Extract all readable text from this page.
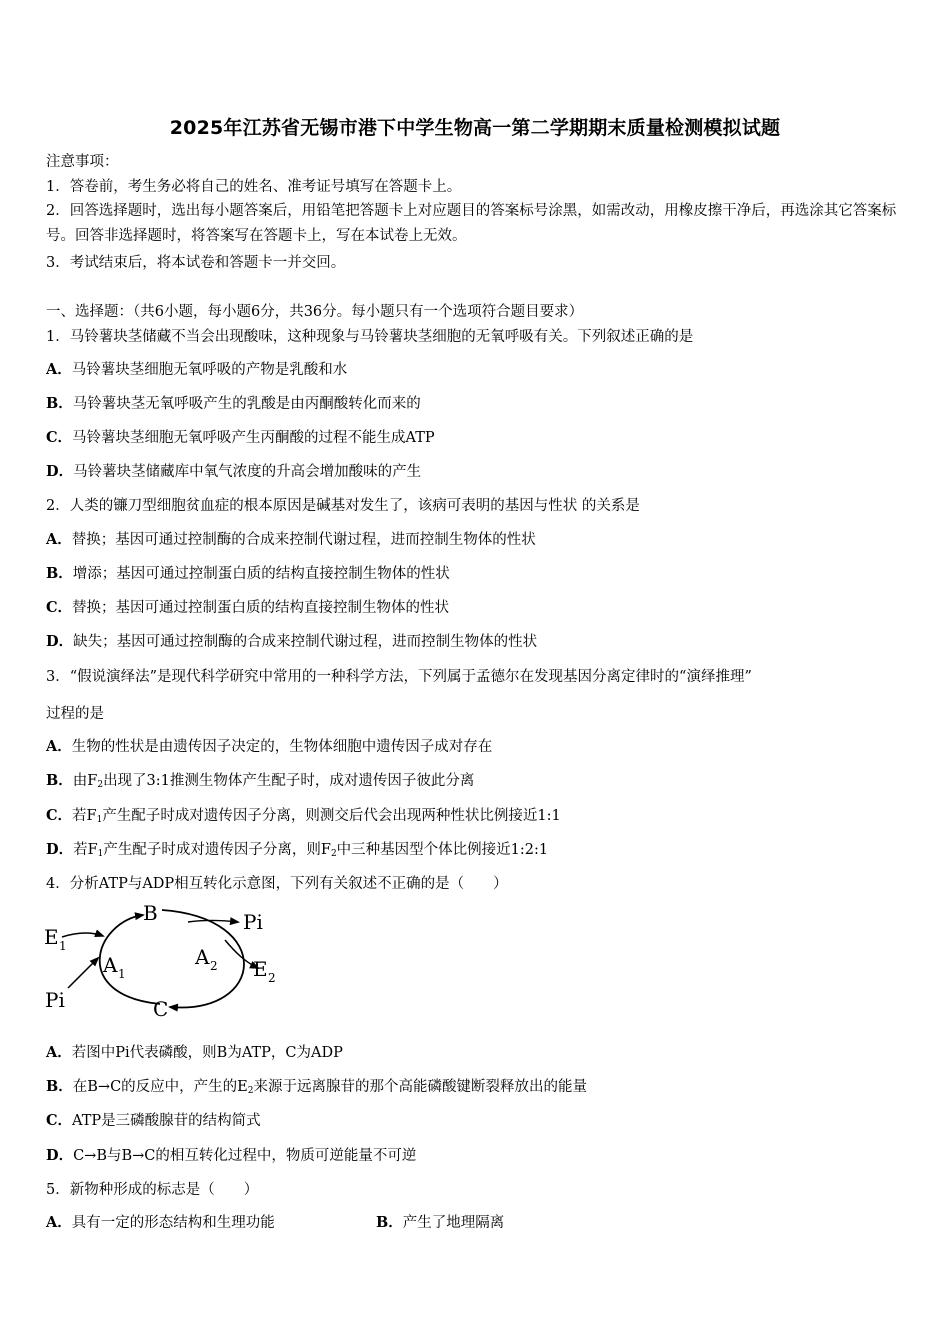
2025年江苏省无锡市港下中学生物高一第二学期期末质量检测模拟试题
注意事项：
1．答卷前，考生务必将自己的姓名、准考证号填写在答题卡上。
2．回答选择题时，选出每小题答案后，用铅笔把答题卡上对应题目的答案标号涂黑，如需改动，用橡皮擦干净后，再选涂其它答案标号。回答非选择题时，将答案写在答题卡上，写在本试卷上无效。
3．考试结束后，将本试卷和答题卡一并交回。
一、选择题：（共6小题，每小题6分，共36分。每小题只有一个选项符合题目要求）
1．马铃薯块茎储藏不当会出现酸味，这种现象与马铃薯块茎细胞的无氧呼吸有关。下列叙述正确的是
A．马铃薯块茎细胞无氧呼吸的产物是乳酸和水
B．马铃薯块茎无氧呼吸产生的乳酸是由丙酮酸转化而来的
C．马铃薯块茎细胞无氧呼吸产生丙酮酸的过程不能生成ATP
D．马铃薯块茎储藏库中氧气浓度的升高会增加酸味的产生
2．人类的镰刀型细胞贫血症的根本原因是碱基对发生了，该病可表明的基因与性状 的关系是
A．替换；基因可通过控制酶的合成来控制代谢过程，进而控制生物体的性状
B．增添；基因可通过控制蛋白质的结构直接控制生物体的性状
C．替换；基因可通过控制蛋白质的结构直接控制生物体的性状
D．缺失；基因可通过控制酶的合成来控制代谢过程，进而控制生物体的性状
3．“假说演绎法”是现代科学研究中常用的一种科学方法，下列属于孟德尔在发现基因分离定律时的“演绎推理”
过程的是
A．生物的性状是由遗传因子决定的，生物体细胞中遗传因子成对存在
B．由$F_2$出现了3:1推测生物体产生配子时，成对遗传因子彼此分离
C．若$F_1$产生配子时成对遗传因子分离，则测交后代会出现两种性状比例接近1:1
D．若$F_1$产生配子时成对遗传因子分离，则$F_2$中三种基因型个体比例接近1:2:1
4．分析ATP与ADP相互转化示意图，下列有关叙述不正确的是（　　）
B
C
Pi
Pi
E 1
E 2
A 1
A 2
A．若图中Pi代表磷酸，则B为ATP，C为ADP
B．在B→C的反应中，产生的$E_2$来源于远离腺苷的那个高能磷酸键断裂释放出的能量
C．ATP是三磷酸腺苷的结构简式
D．C→B与B→C的相互转化过程中，物质可逆能量不可逆
5．新物种形成的标志是（　　）
A．具有一定的形态结构和生理功能	B．产生了地理隔离
